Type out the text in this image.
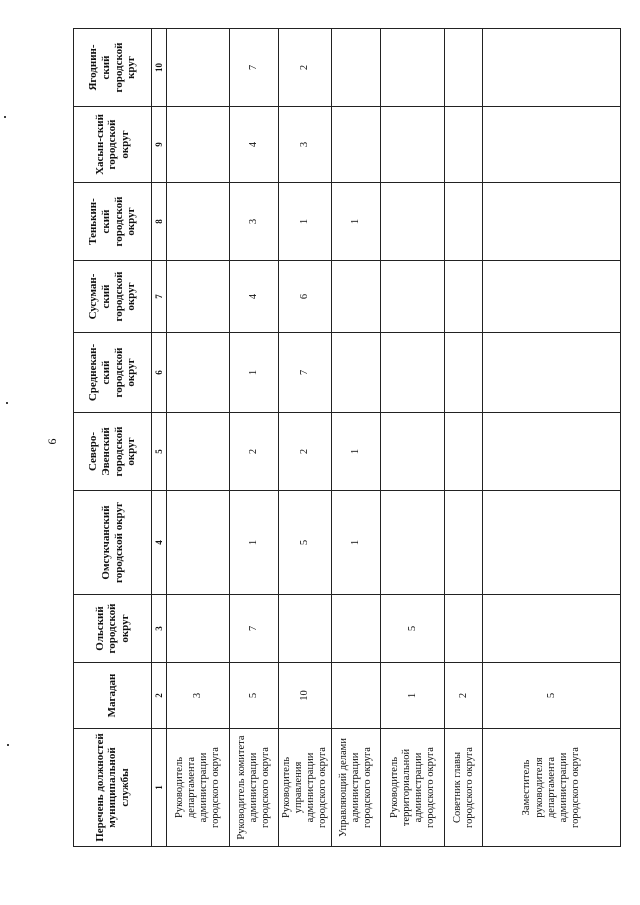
9
Перечень должностей муниципальной службы	Магадан	Ольский городской округ	Омсукчанский городской округ	Северо-Эвенский городской округ	Среднекан-ский городской округ	Сусуман-ский городской округ	Тенькин-ский городской округ	Хасын-ский городской округ	Ягоднин-ский городской круг
1	2	3	4	5	6	7	8	9	10
Руководитель департамента администрации городского округа	3								
Руководитель комитета администрации городского округа	5	7	1	2	1	4	3	4	7
Руководитель управления администрации городского округа	10		5	2	7	6	1	3	2
Управляющий делами администрации городского округа			1	1			1		
Руководитель территориальной администрации городского округа	1	5							
Советник главы городского округа	2								
Заместитель руководителя департамента администрации городского округа	5								
